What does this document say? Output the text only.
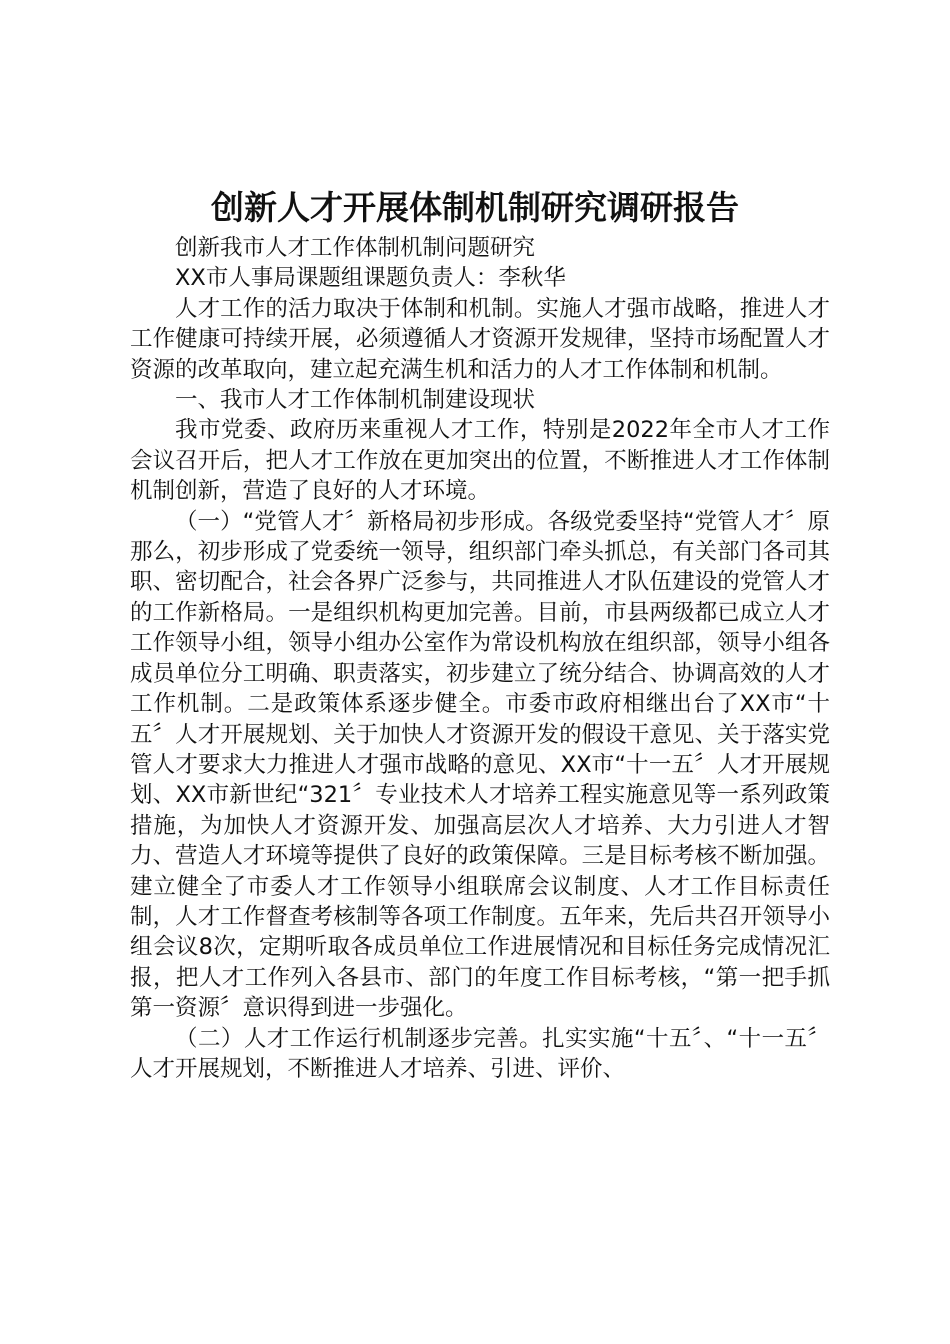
创新人才开展体制机制研究调研报告

创新我市人才工作体制机制问题研究

XX市人事局课题组课题负责人：李秋华

人才工作的活力取决于体制和机制。实施人才强市战略，推进人才工作健康可持续开展，必须遵循人才资源开发规律，坚持市场配置人才资源的改革取向，建立起充满生机和活力的人才工作体制和机制。

一、我市人才工作体制机制建设现状

我市党委、政府历来重视人才工作，特别是2022年全市人才工作会议召开后，把人才工作放在更加突出的位置，不断推进人才工作体制机制创新，营造了良好的人才环境。

（一）“党管人才〞新格局初步形成。各级党委坚持“党管人才〞原那么，初步形成了党委统一领导，组织部门牵头抓总，有关部门各司其职、密切配合，社会各界广泛参与，共同推进人才队伍建设的党管人才的工作新格局。一是组织机构更加完善。目前，市县两级都已成立人才工作领导小组，领导小组办公室作为常设机构放在组织部，领导小组各成员单位分工明确、职责落实，初步建立了统分结合、协调高效的人才工作机制。二是政策体系逐步健全。市委市政府相继出台了XX市“十五〞人才开展规划、关于加快人才资源开发的假设干意见、关于落实党管人才要求大力推进人才强市战略的意见、XX市“十一五〞人才开展规划、XX市新世纪“321〞专业技术人才培养工程实施意见等一系列政策措施，为加快人才资源开发、加强高层次人才培养、大力引进人才智力、营造人才环境等提供了良好的政策保障。三是目标考核不断加强。建立健全了市委人才工作领导小组联席会议制度、人才工作目标责任制，人才工作督查考核制等各项工作制度。五年来，先后共召开领导小组会议8次，定期听取各成员单位工作进展情况和目标任务完成情况汇报，把人才工作列入各县市、部门的年度工作目标考核，“第一把手抓第一资源〞意识得到进一步强化。

（二）人才工作运行机制逐步完善。扎实实施“十五〞、“十一五〞人才开展规划，不断推进人才培养、引进、评价、
